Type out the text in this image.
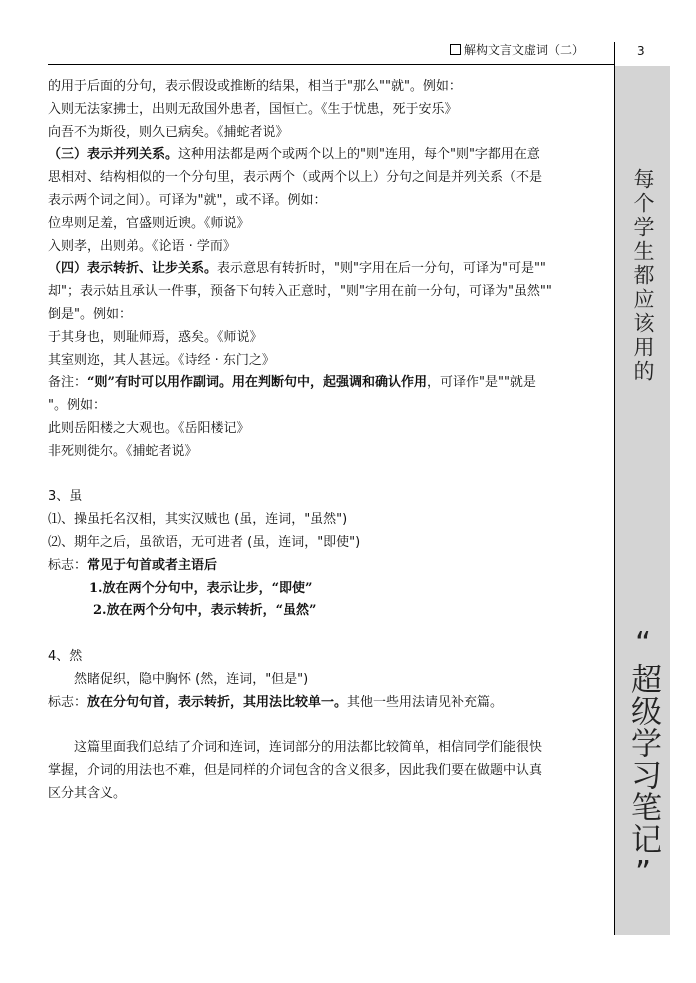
解构文言文虚词（二）	3
每个学生都应该用的
“超级学习笔记”
的用于后面的分句，表示假设或推断的结果，相当于"那么""就"。例如：
入则无法家拂士，出则无敌国外患者，国恒亡。《生于忧患，死于安乐》
向吾不为斯役，则久已病矣。《捕蛇者说》
（三）表示并列关系。这种用法都是两个或两个以上的"则"连用，每个"则"字都用在意
思相对、结构相似的一个分句里，表示两个（或两个以上）分句之间是并列关系（不是
表示两个词之间）。可译为"就"，或不译。例如：
位卑则足羞，官盛则近谀。《师说》
入则孝，出则弟。《论语 · 学而》
（四）表示转折、让步关系。表示意思有转折时，"则"字用在后一分句，可译为"可是""
却"；表示姑且承认一件事，预备下句转入正意时，"则"字用在前一分句，可译为"虽然""
倒是"。例如：
于其身也，则耻师焉，惑矣。《师说》
其室则迩，其人甚远。《诗经 · 东门之》
备注：“则”有时可以用作副词。用在判断句中，起强调和确认作用，可译作"是""就是
"。例如：
此则岳阳楼之大观也。《岳阳楼记》
非死则徙尔。《捕蛇者说》
3、虽
⑴、操虽托名汉相，其实汉贼也 (虽，连词，"虽然")
⑵、期年之后，虽欲语，无可进者 (虽，连词，"即使")
标志：常见于句首或者主语后
1.放在两个分句中，表示让步，“即使”
2.放在两个分句中，表示转折，“虽然”
4、然
然睹促织，隐中胸怀 (然，连词，"但是")
标志：放在分句句首，表示转折，其用法比较单一。其他一些用法请见补充篇。
这篇里面我们总结了介词和连词，连词部分的用法都比较简单，相信同学们能很快
掌握，介词的用法也不难，但是同样的介词包含的含义很多，因此我们要在做题中认真
区分其含义。
